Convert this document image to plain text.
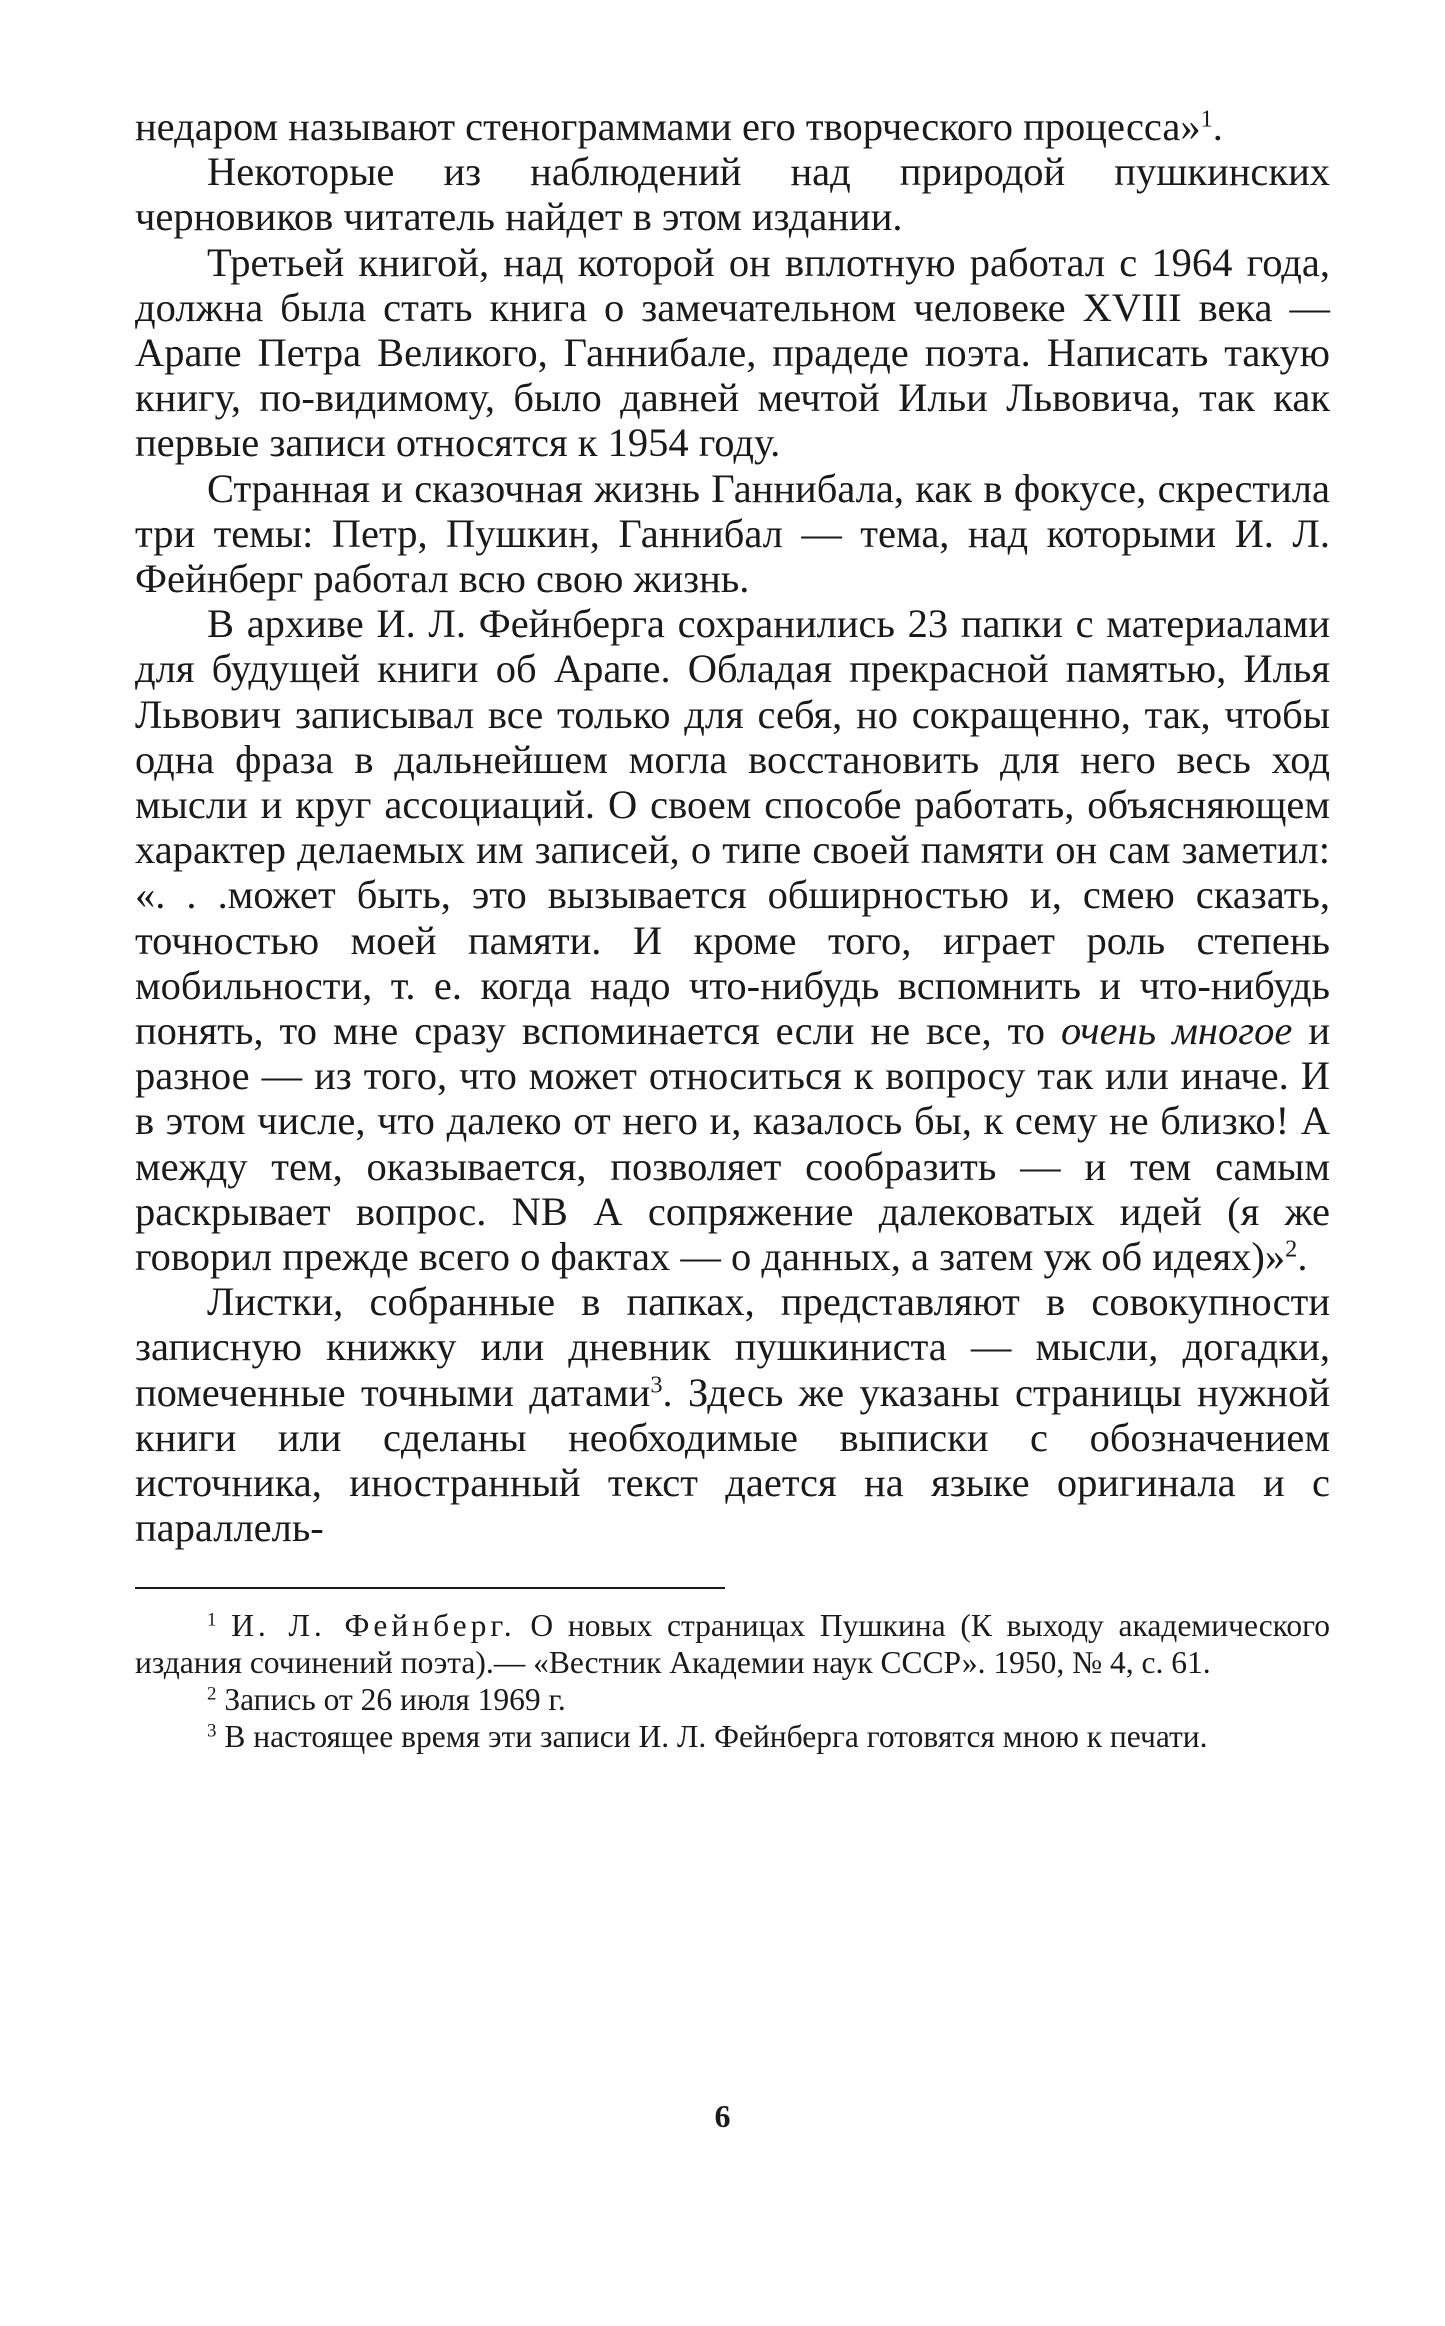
недаром называют стенограммами его творческого процесса»$^1$.

Некоторые из наблюдений над природой пушкинских черновиков читатель найдет в этом издании.

Третьей книгой, над которой он вплотную работал с 1964 года, должна была стать книга о замечательном человеке XVIII века — Арапе Петра Великого, Ганнибале, прадеде поэта. Написать такую книгу, по-видимому, было давней мечтой Ильи Львовича, так как первые записи относятся к 1954 году.

Странная и сказочная жизнь Ганнибала, как в фокусе, скрестила три темы: Петр, Пушкин, Ганнибал — тема, над которыми И. Л. Фейнберг работал всю свою жизнь.

В архиве И. Л. Фейнберга сохранились 23 папки с материалами для будущей книги об Арапе. Обладая прекрасной памятью, Илья Львович записывал все только для себя, но сокращенно, так, чтобы одна фраза в дальнейшем могла восстановить для него весь ход мысли и круг ассоциаций. О своем способе работать, объясняющем характер делаемых им записей, о типе своей памяти он сам заметил: «. . .может быть, это вызывается обширностью и, смею сказать, точностью моей памяти. И кроме того, играет роль степень мобильности, т. е. когда надо что-нибудь вспомнить и что-нибудь понять, то мне сразу вспоминается если не все, то очень многое и разное — из того, что может относиться к вопросу так или иначе. И в этом числе, что далеко от него и, казалось бы, к сему не близко! А между тем, оказывается, позволяет сообразить — и тем самым раскрывает вопрос. NB А сопряжение далековатых идей (я же говорил прежде всего о фактах — о данных, а затем уж об идеях)»$^2$.

Листки, собранные в папках, представляют в совокупности записную книжку или дневник пушкиниста — мысли, догадки, помеченные точными датами$^3$. Здесь же указаны страницы нужной книги или сделаны необходимые выписки с обозначением источника, иностранный текст дается на языке оригинала и с параллель-

$^1$ И. Л. Фейнберг. О новых страницах Пушкина (К выходу академического издания сочинений поэта).— «Вестник Академии наук СССР». 1950, № 4, с. 61.

$^2$ Запись от 26 июля 1969 г.

$^3$ В настоящее время эти записи И. Л. Фейнберга готовятся мною к печати.

6
